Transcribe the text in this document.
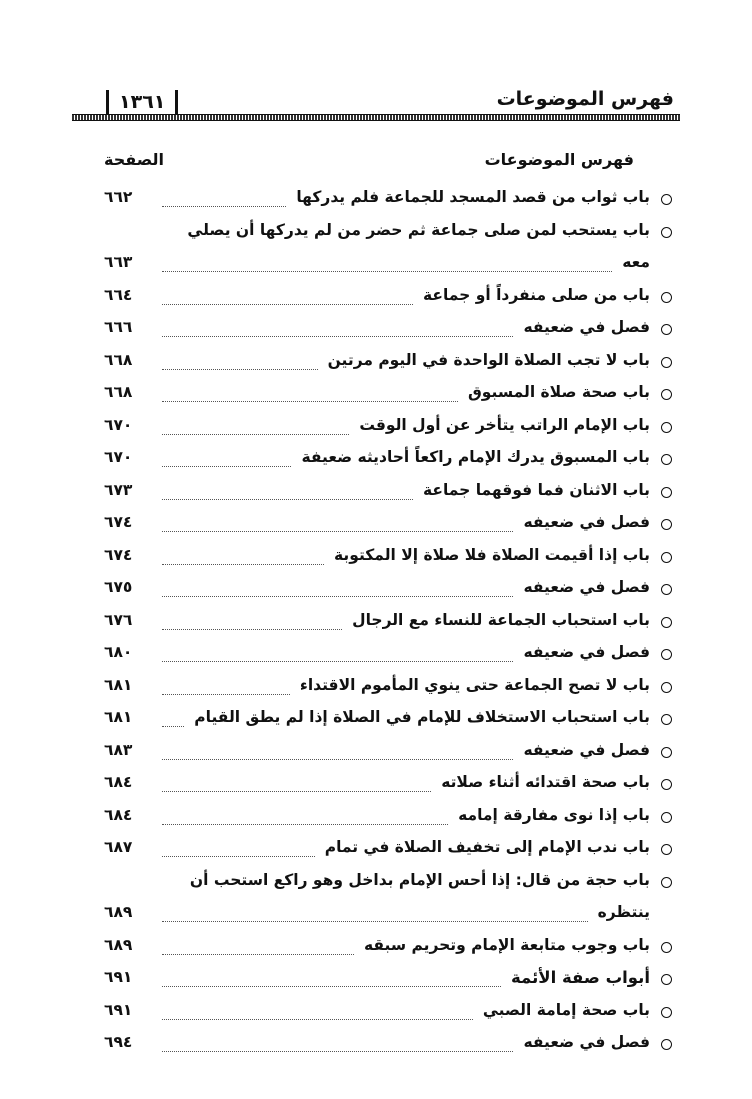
فهرس الموضوعات
١٣٦١
فهرس الموضوعات
الصفحة
باب ثواب من قصد المسجد للجماعة فلم يدركها
٦٦٢
باب يستحب لمن صلى جماعة ثم حضر من لم يدركها أن يصلي
معه
٦٦٣
باب من صلى منفرداً أو جماعة
٦٦٤
فصل في ضعيفه
٦٦٦
باب لا تجب الصلاة الواحدة في اليوم مرتين
٦٦٨
باب صحة صلاة المسبوق
٦٦٨
باب الإمام الراتب يتأخر عن أول الوقت
٦٧٠
باب المسبوق يدرك الإمام راكعاً أحاديثه ضعيفة
٦٧٠
باب الاثنان فما فوقهما جماعة
٦٧٣
فصل في ضعيفه
٦٧٤
باب إذا أقيمت الصلاة فلا صلاة إلا المكتوبة
٦٧٤
فصل في ضعيفه
٦٧٥
باب استحباب الجماعة للنساء مع الرجال
٦٧٦
فصل في ضعيفه
٦٨٠
باب لا تصح الجماعة حتى ينوي المأموم الاقتداء
٦٨١
باب استحباب الاستخلاف للإمام في الصلاة إذا لم يطق القيام
٦٨١
فصل في ضعيفه
٦٨٣
باب صحة اقتدائه أثناء صلاته
٦٨٤
باب إذا نوى مفارقة إمامه
٦٨٤
باب ندب الإمام إلى تخفيف الصلاة في تمام
٦٨٧
باب حجة من قال: إذا أحس الإمام بداخل وهو راكع استحب أن
ينتظره
٦٨٩
باب وجوب متابعة الإمام وتحريم سبقه
٦٨٩
أبواب صفة الأئمة
٦٩١
باب صحة إمامة الصبي
٦٩١
فصل في ضعيفه
٦٩٤
